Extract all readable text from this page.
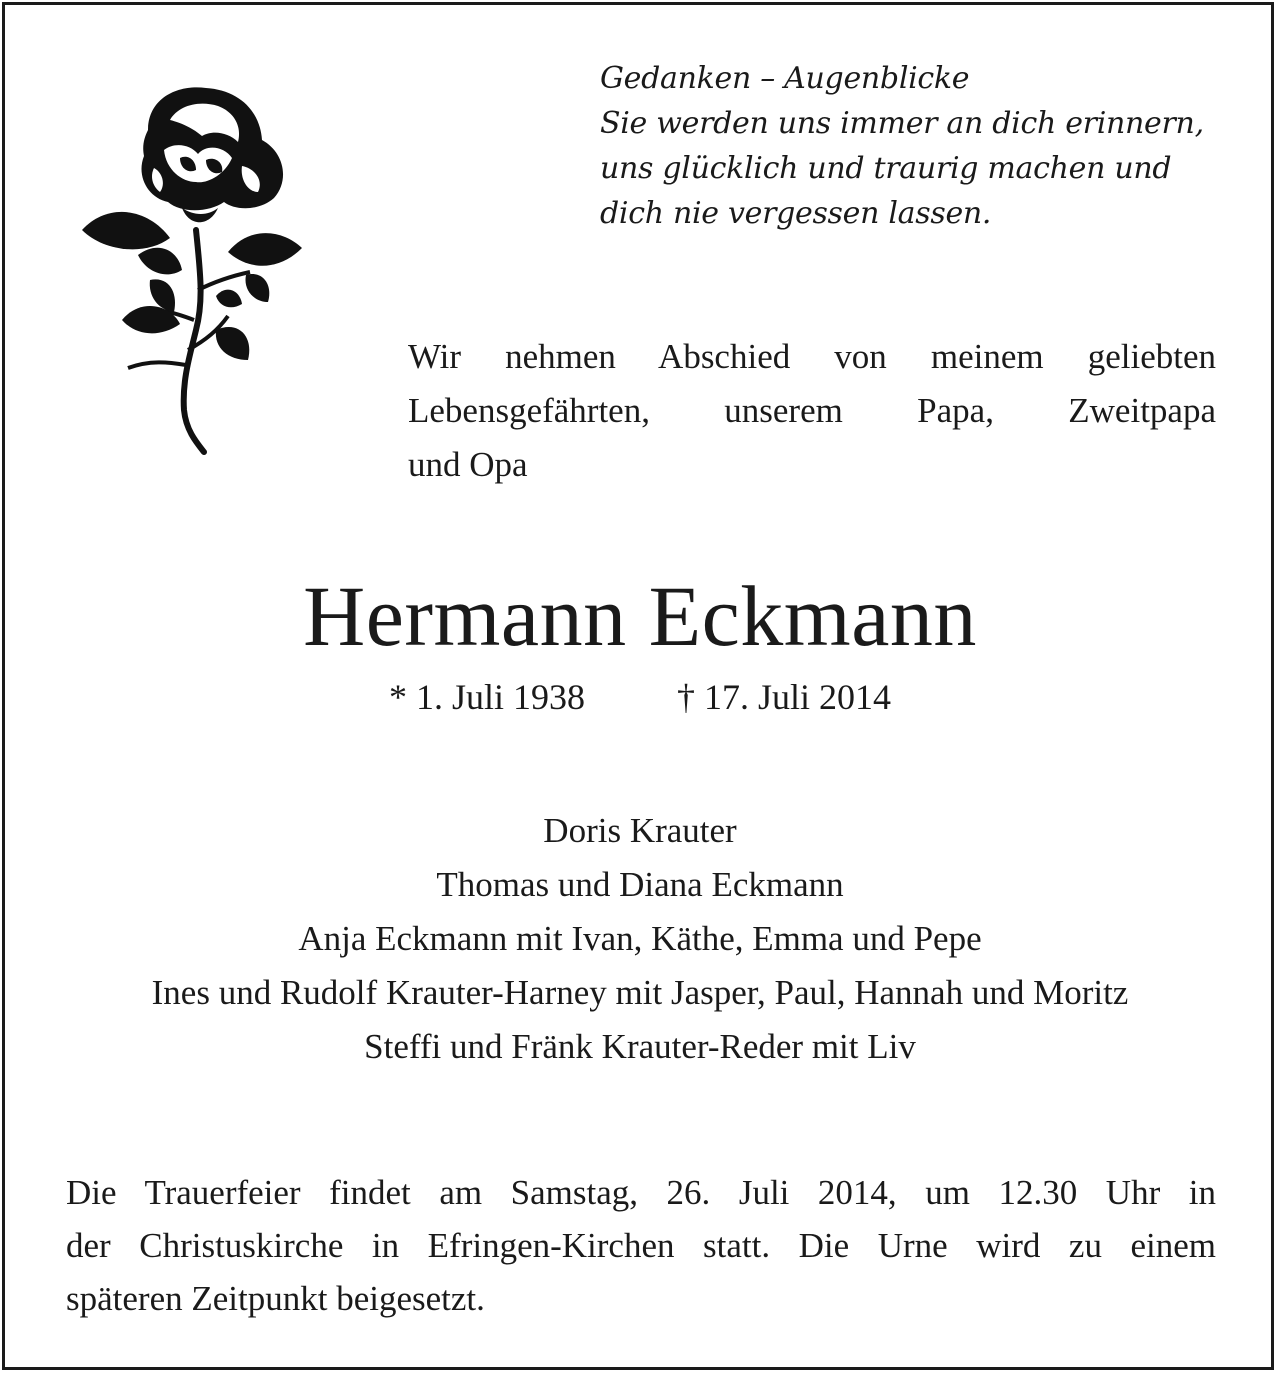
Gedanken – Augenblicke
Sie werden uns immer an dich erinnern,
uns glücklich und traurig machen und
dich nie vergessen lassen.
Wir nehmen Abschied von meinem geliebten
Lebensgefährten, unserem Papa, Zweitpapa
und Opa
Hermann Eckmann
* 1. Juli 1938	† 17. Juli 2014
Doris Krauter
Thomas und Diana Eckmann
Anja Eckmann mit Ivan, Käthe, Emma und Pepe
Ines und Rudolf Krauter-Harney mit Jasper, Paul, Hannah und Moritz
Steffi und Fränk Krauter-Reder mit Liv
Die Trauerfeier findet am Samstag, 26. Juli 2014, um 12.30 Uhr in
der Christuskirche in Efringen-Kirchen statt. Die Urne wird zu einem
späteren Zeitpunkt beigesetzt.
